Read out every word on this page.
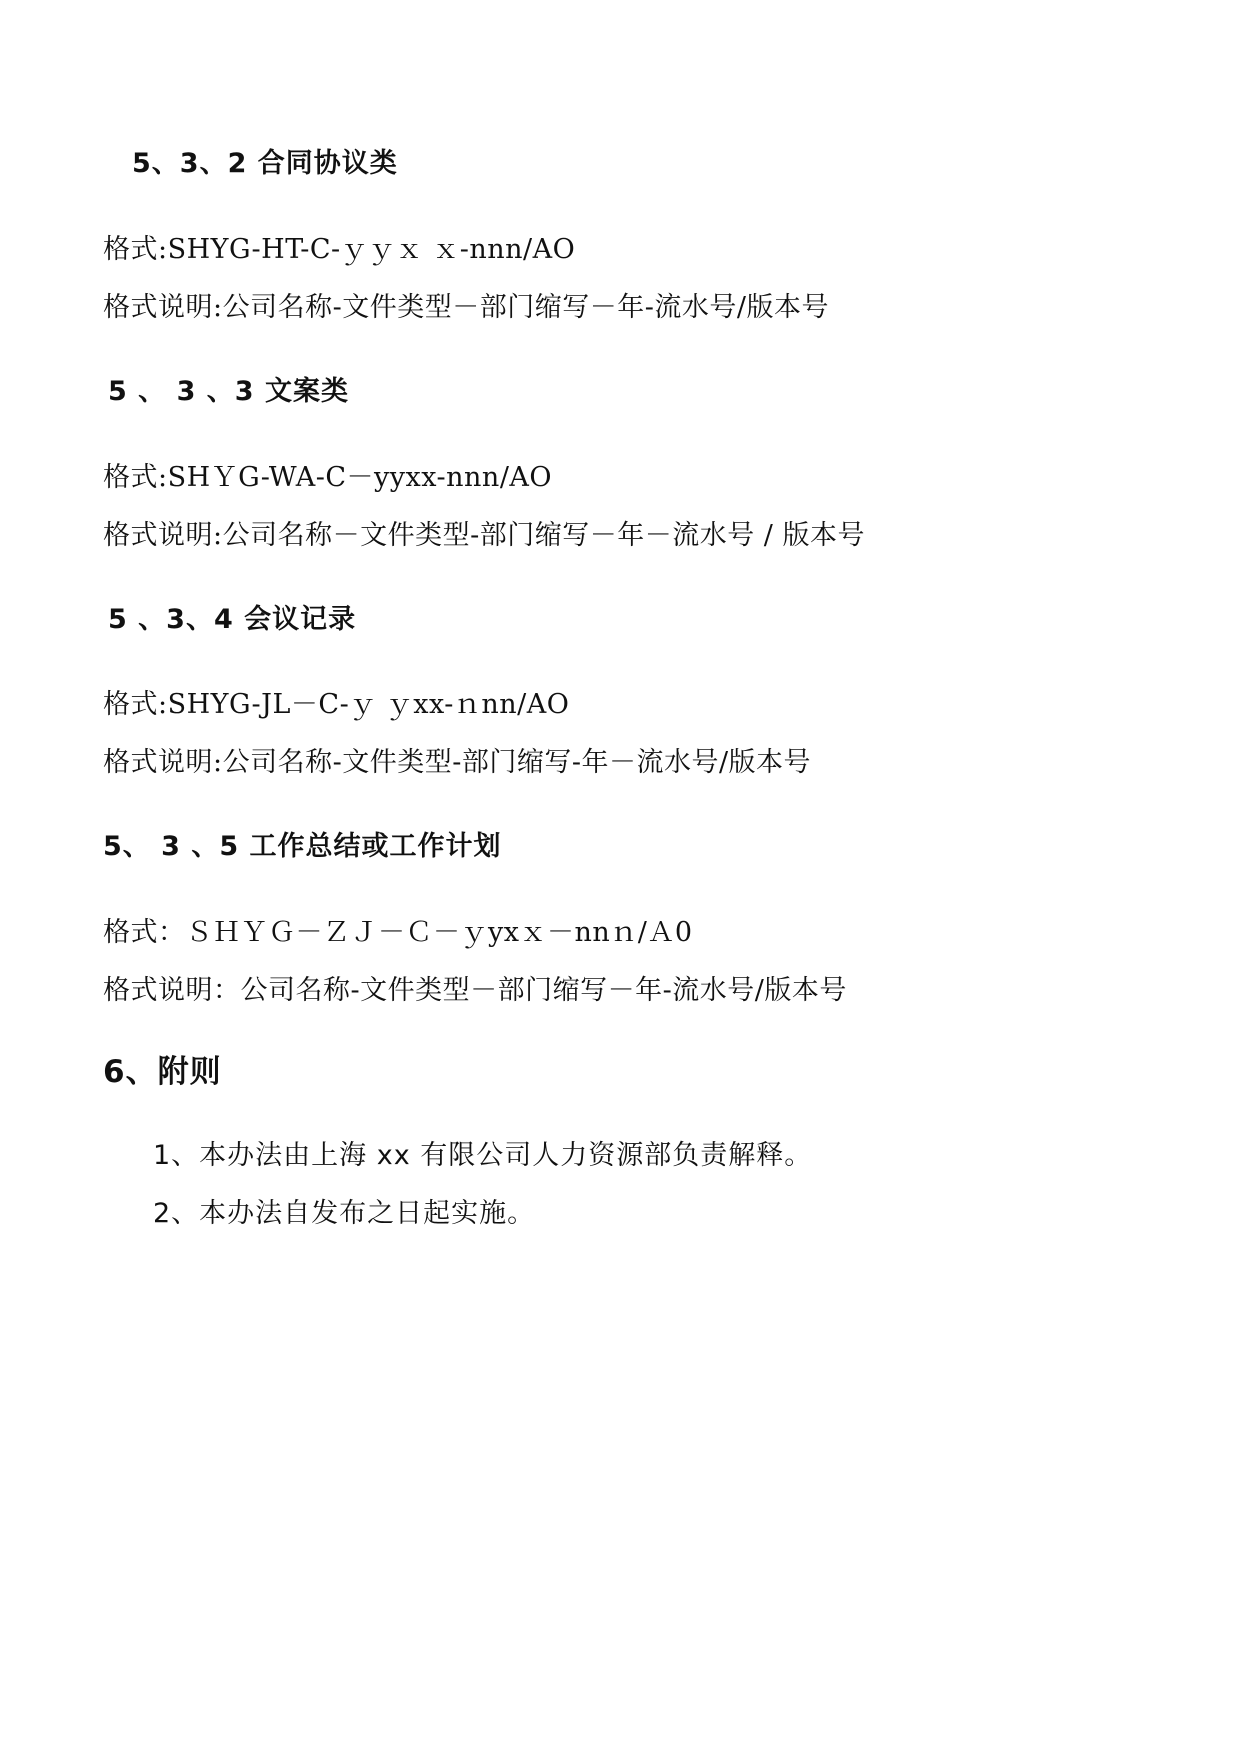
5、3、2 合同协议类
格式:SHYG-HT-C-ｙｙｘ ｘ-nnn/AO
格式说明:公司名称-文件类型－部门缩写－年-流水号/版本号
5 、 3 、3 文案类
格式:SHＹG-WA-C－yyxx-nnn/AO
格式说明:公司名称－文件类型-部门缩写－年－流水号 / 版本号
5 、3、4 会议记录
格式:SHYG-JL－C-ｙ ｙxx-ｎnn/AO
格式说明:公司名称-文件类型-部门缩写-年－流水号/版本号
5、 3 、5 工作总结或工作计划
格式：ＳＨＹＧ－ＺＪ－Ｃ－ｙyxｘ－nnｎ/Ａ0
格式说明：公司名称-文件类型－部门缩写－年-流水号/版本号
6、附则
1、本办法由上海 xx 有限公司人力资源部负责解释。
2、本办法自发布之日起实施。
